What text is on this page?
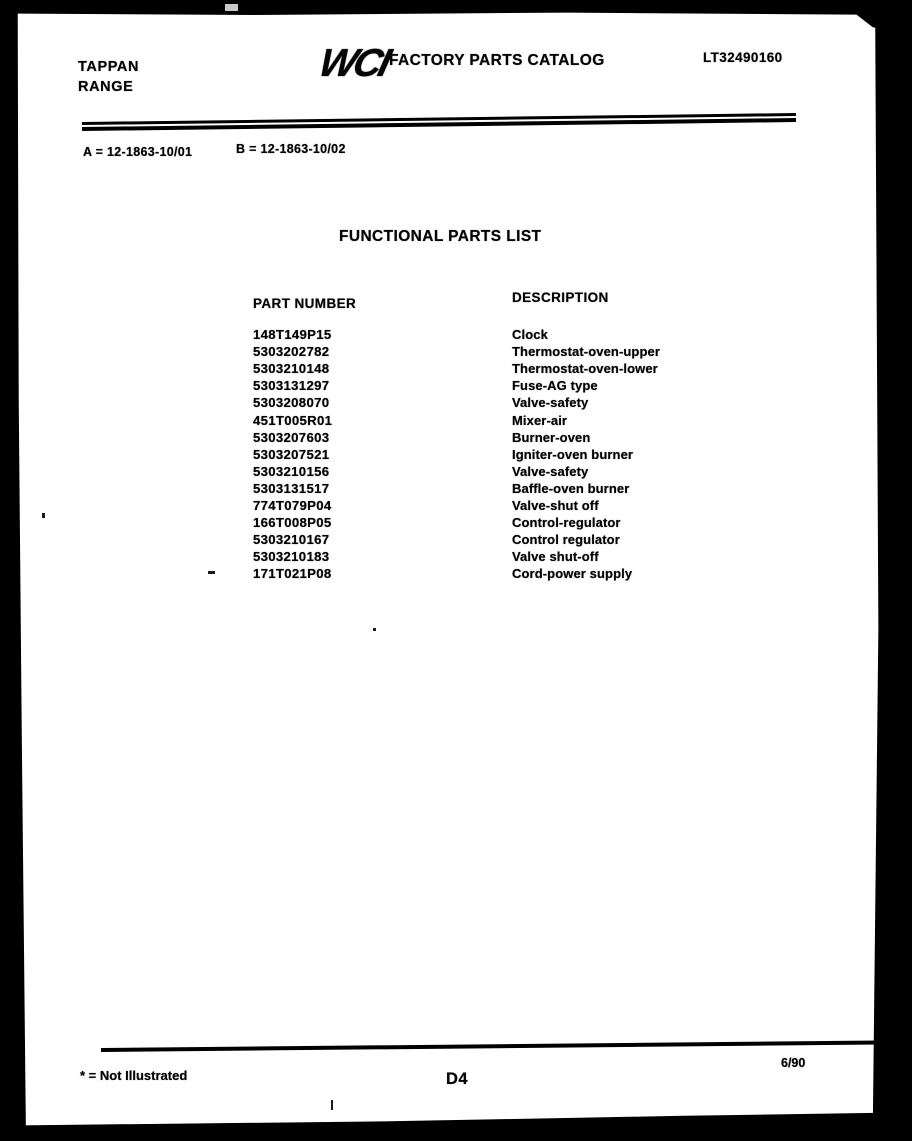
TAPPAN
RANGE
WCI
FACTORY PARTS CATALOG	LT32490160
A = 12-1863-10/01	B = 12-1863-10/02
FUNCTIONAL PARTS LIST
PART NUMBER	DESCRIPTION
148T149P15	Clock
5303202782	Thermostat-oven-upper
5303210148	Thermostat-oven-lower
5303131297	Fuse-AG type
5303208070	Valve-safety
451T005R01	Mixer-air
5303207603	Burner-oven
5303207521	Igniter-oven burner
5303210156	Valve-safety
5303131517	Baffle-oven burner
774T079P04	Valve-shut off
166T008P05	Control-regulator
5303210167	Control regulator
5303210183	Valve shut-off
171T021P08	Cord-power supply
* = Not Illustrated	D4
6/90
